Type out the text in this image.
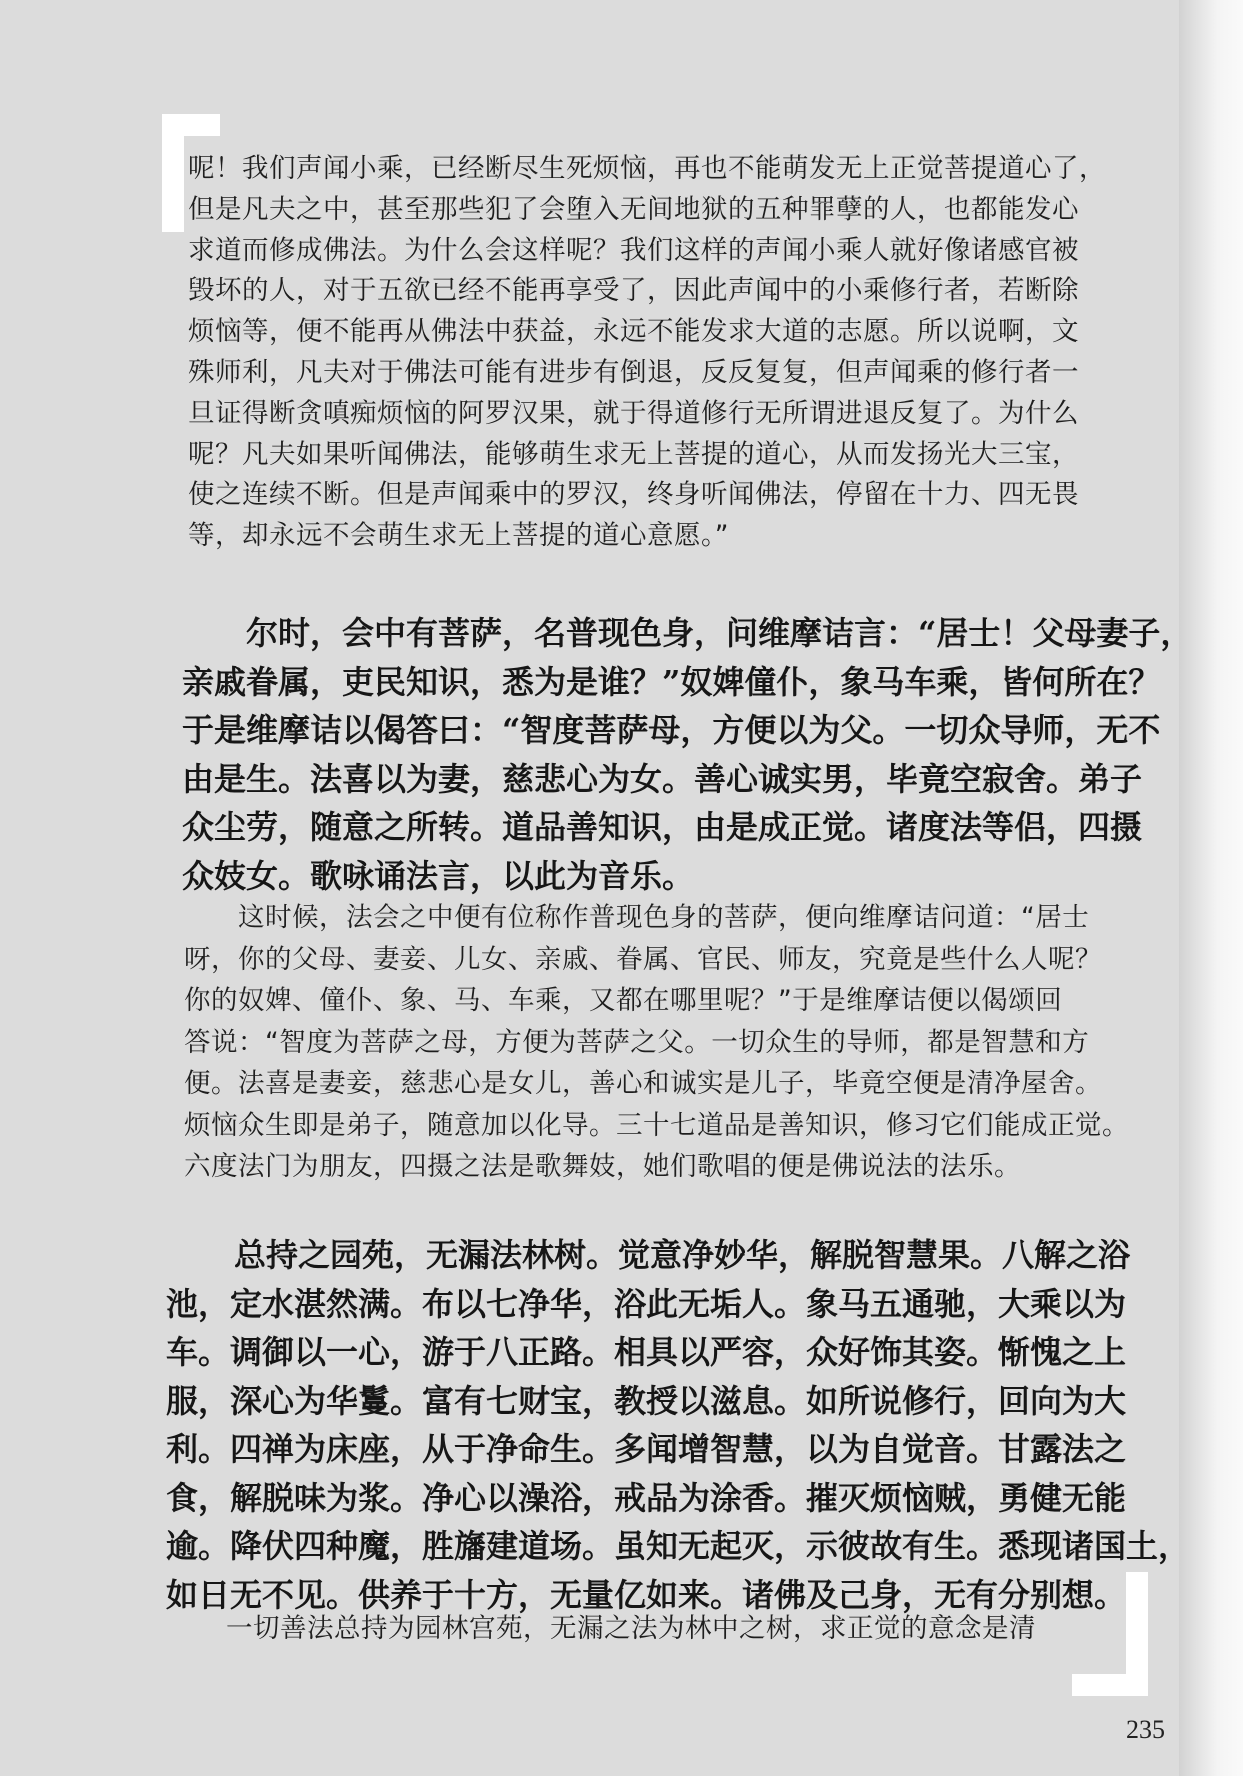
呢！我们声闻小乘，已经断尽生死烦恼，再也不能萌发无上正觉菩提道心了，
但是凡夫之中，甚至那些犯了会堕入无间地狱的五种罪孽的人，也都能发心
求道而修成佛法。为什么会这样呢？我们这样的声闻小乘人就好像诸感官被
毁坏的人，对于五欲已经不能再享受了，因此声闻中的小乘修行者，若断除
烦恼等，便不能再从佛法中获益，永远不能发求大道的志愿。所以说啊，文
殊师利，凡夫对于佛法可能有进步有倒退，反反复复，但声闻乘的修行者一
旦证得断贪嗔痴烦恼的阿罗汉果，就于得道修行无所谓进退反复了。为什么
呢？凡夫如果听闻佛法，能够萌生求无上菩提的道心，从而发扬光大三宝，
使之连续不断。但是声闻乘中的罗汉，终身听闻佛法，停留在十力、四无畏
等，却永远不会萌生求无上菩提的道心意愿。”
尔时，会中有菩萨，名普现色身，问维摩诘言：“居士！父母妻子，
亲戚眷属，吏民知识，悉为是谁？”奴婢僮仆，象马车乘，皆何所在？
于是维摩诘以偈答曰：“智度菩萨母，方便以为父。一切众导师，无不
由是生。法喜以为妻，慈悲心为女。善心诚实男，毕竟空寂舍。弟子
众尘劳，随意之所转。道品善知识，由是成正觉。诸度法等侣，四摄
众妓女。歌咏诵法言，以此为音乐。
这时候，法会之中便有位称作普现色身的菩萨，便向维摩诘问道：“居士
呀，你的父母、妻妾、儿女、亲戚、眷属、官民、师友，究竟是些什么人呢？
你的奴婢、僮仆、象、马、车乘，又都在哪里呢？”于是维摩诘便以偈颂回
答说：“智度为菩萨之母，方便为菩萨之父。一切众生的导师，都是智慧和方
便。法喜是妻妾，慈悲心是女儿，善心和诚实是儿子，毕竟空便是清净屋舍。
烦恼众生即是弟子，随意加以化导。三十七道品是善知识，修习它们能成正觉。
六度法门为朋友，四摄之法是歌舞妓，她们歌唱的便是佛说法的法乐。
总持之园苑，无漏法林树。觉意净妙华，解脱智慧果。八解之浴
池，定水湛然满。布以七净华，浴此无垢人。象马五通驰，大乘以为
车。调御以一心，游于八正路。相具以严容，众好饰其姿。惭愧之上
服，深心为华鬘。富有七财宝，教授以滋息。如所说修行，回向为大
利。四禅为床座，从于净命生。多闻增智慧，以为自觉音。甘露法之
食，解脱味为浆。净心以澡浴，戒品为涂香。摧灭烦恼贼，勇健无能
逾。降伏四种魔，胜旛建道场。虽知无起灭，示彼故有生。悉现诸国土，
如日无不见。供养于十方，无量亿如来。诸佛及己身，无有分别想。
一切善法总持为园林宫苑，无漏之法为林中之树，求正觉的意念是清
235
